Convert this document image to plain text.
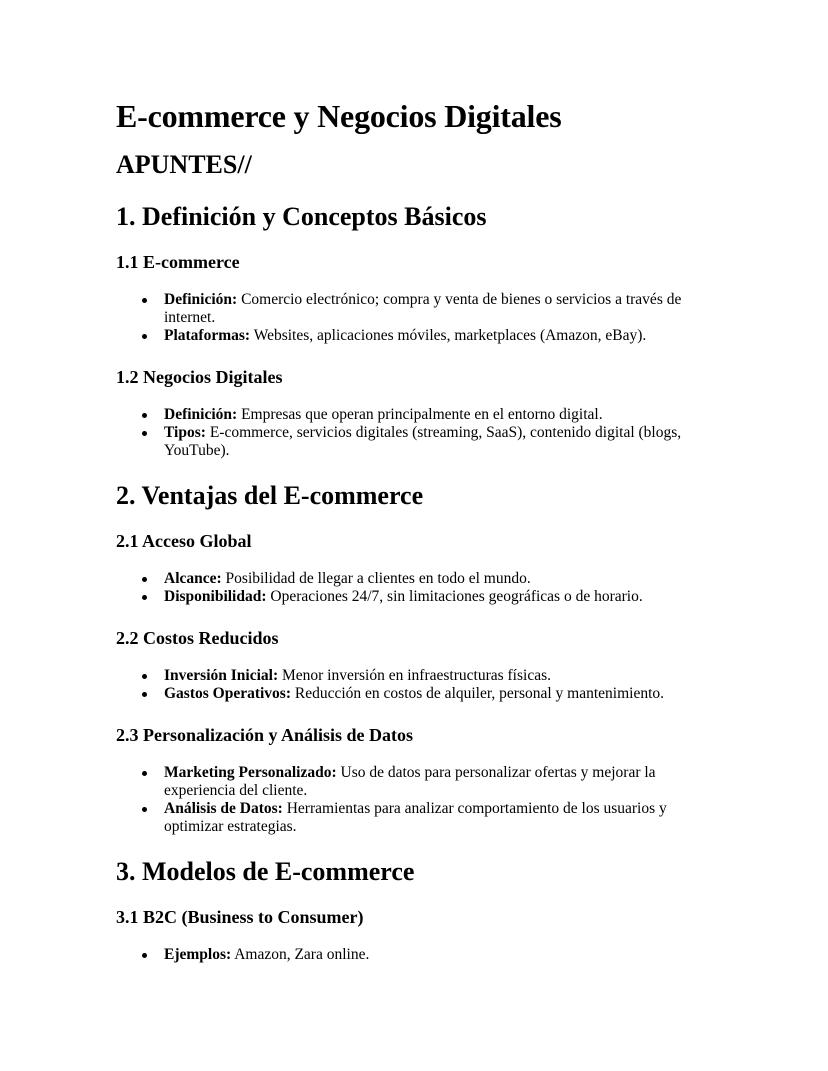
E-commerce y Negocios Digitales
APUNTES//
1. Definición y Conceptos Básicos
1.1 E-commerce
Definición: Comercio electrónico; compra y venta de bienes o servicios a través de internet.
Plataformas: Websites, aplicaciones móviles, marketplaces (Amazon, eBay).
1.2 Negocios Digitales
Definición: Empresas que operan principalmente en el entorno digital.
Tipos: E-commerce, servicios digitales (streaming, SaaS), contenido digital (blogs, YouTube).
2. Ventajas del E-commerce
2.1 Acceso Global
Alcance: Posibilidad de llegar a clientes en todo el mundo.
Disponibilidad: Operaciones 24/7, sin limitaciones geográficas o de horario.
2.2 Costos Reducidos
Inversión Inicial: Menor inversión en infraestructuras físicas.
Gastos Operativos: Reducción en costos de alquiler, personal y mantenimiento.
2.3 Personalización y Análisis de Datos
Marketing Personalizado: Uso de datos para personalizar ofertas y mejorar la experiencia del cliente.
Análisis de Datos: Herramientas para analizar comportamiento de los usuarios y optimizar estrategias.
3. Modelos de E-commerce
3.1 B2C (Business to Consumer)
Ejemplos: Amazon, Zara online.
